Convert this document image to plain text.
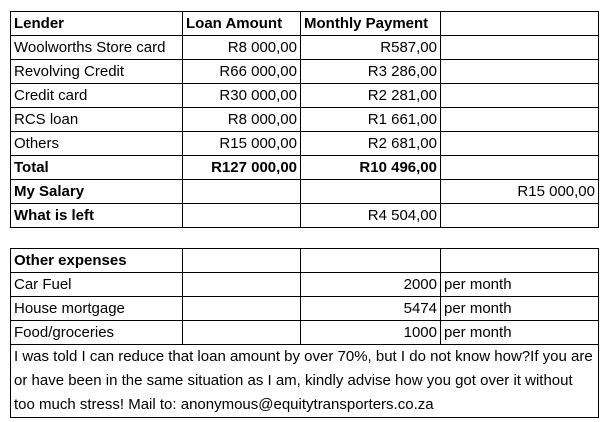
Lender	Loan Amount	Monthly Payment	
Woolworths Store card	R8 000,00	R587,00	
Revolving Credit	R66 000,00	R3 286,00	
Credit card	R30 000,00	R2 281,00	
RCS loan	R8 000,00	R1 661,00	
Others	R15 000,00	R2 681,00	
Total	R127 000,00	R10 496,00	
My Salary			R15 000,00
What is left		R4 504,00	

Other expenses			
Car Fuel		2000	per month
House mortgage		5474	per month
Food/groceries		1000	per month
I was told I can reduce that loan amount by over 70%, but I do not know how?If you are or have been in the same situation as I am, kindly advise how you got over it without too much stress! Mail to: anonymous@equitytransporters.co.za			
